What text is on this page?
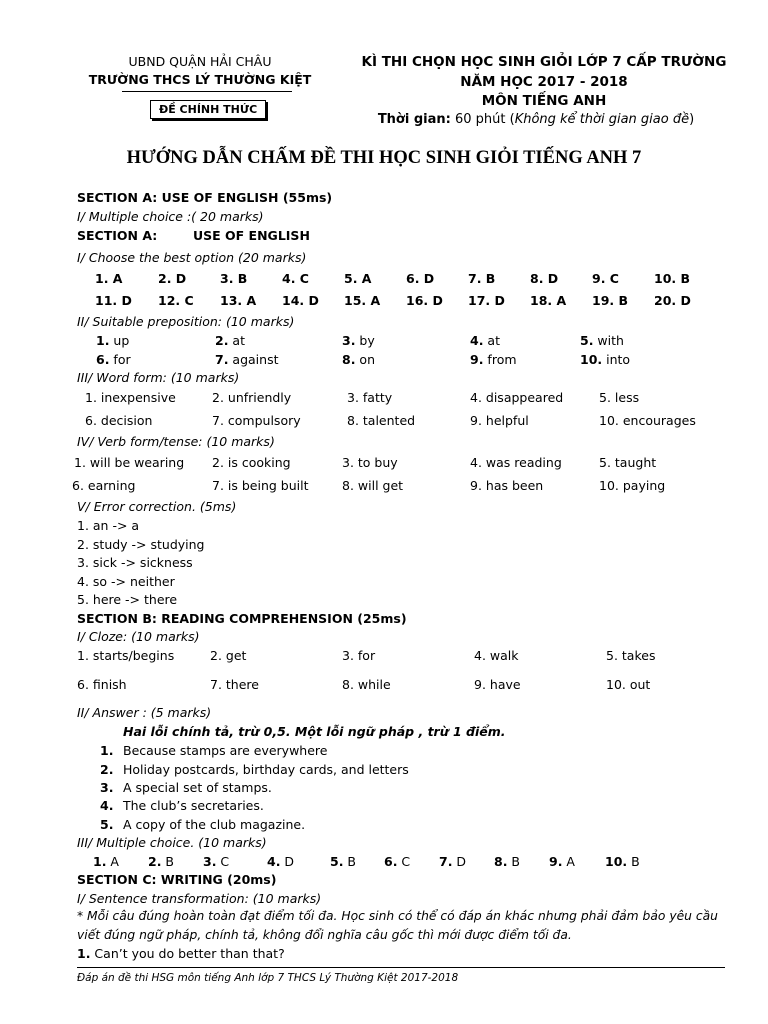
UBND QUẬN HẢI CHÂU
TRƯỜNG THCS LÝ THƯỜNG KIỆT
ĐỀ CHÍNH THỨC
KÌ THI CHỌN HỌC SINH GIỎI LỚP 7 CẤP TRƯỜNG
NĂM HỌC 2017 - 2018
MÔN TIẾNG ANH
Thời gian: 60 phút (Không kể thời gian giao đề)
HƯỚNG DẪN CHẤM ĐỀ THI HỌC SINH GIỎI TIẾNG ANH 7
SECTION A: USE OF ENGLISH (55ms)
I/ Multiple choice :( 20 marks)
SECTION A:	USE OF ENGLISH
I/ Choose the best option (20 marks)
1. A	2. D	3. B	4. C	5. A	6. D	7. B	8. D	9. C	10. B
11. D 12. C 13. A 14. D 15. A 16. D 17. D 18. A 19. B 20. D
II/ Suitable preposition: (10 marks)
1. up	2. at	3. by	4. at	5. with
6. for	7. against	8. on	9. from	10. into
III/ Word form: (10 marks)
1. inexpensive	2. unfriendly	3. fatty	4. disappeared	5. less
6. decision	7. compulsory	8. talented	9. helpful	10. encourages
IV/ Verb form/tense: (10 marks)
1. will be wearing 2. is cooking	3. to buy	4. was reading	5. taught
6. earning	7. is being built	8. will get	9. has been	10. paying
V/ Error correction. (5ms)
1. an -> a
2. study -> studying
3. sick -> sickness
4. so -> neither
5. here -> there
SECTION B: READING COMPREHENSION (25ms)
I/ Cloze: (10 marks)
1. starts/begins	2. get	3. for	4. walk	5. takes
6. finish	7. there	8. while	9. have	10. out
II/ Answer : (5 marks)
Hai lỗi chính tả, trừ 0,5. Một lỗi ngữ pháp , trừ 1 điểm.
1. Because stamps are everywhere
2. Holiday postcards, birthday cards, and letters
3. A special set of stamps.
4. The club’s secretaries.
5. A copy of the club magazine.
III/ Multiple choice. (10 marks)
1. A 2. B 3. C	4. D	5. B 6. C 7. D 8. B 9. A 10. B
SECTION C: WRITING (20ms)
I/ Sentence transformation: (10 marks)
* Mỗi câu đúng hoàn toàn đạt điểm tối đa. Học sinh có thể có đáp án khác nhưng phải đảm bảo yêu cầu
viết đúng ngữ pháp, chính tả, không đổi nghĩa câu gốc thì mới được điểm tối đa.
1. Can’t you do better than that?
Đáp án đề thi HSG môn tiếng Anh lớp 7 THCS Lý Thường Kiệt 2017-2018
